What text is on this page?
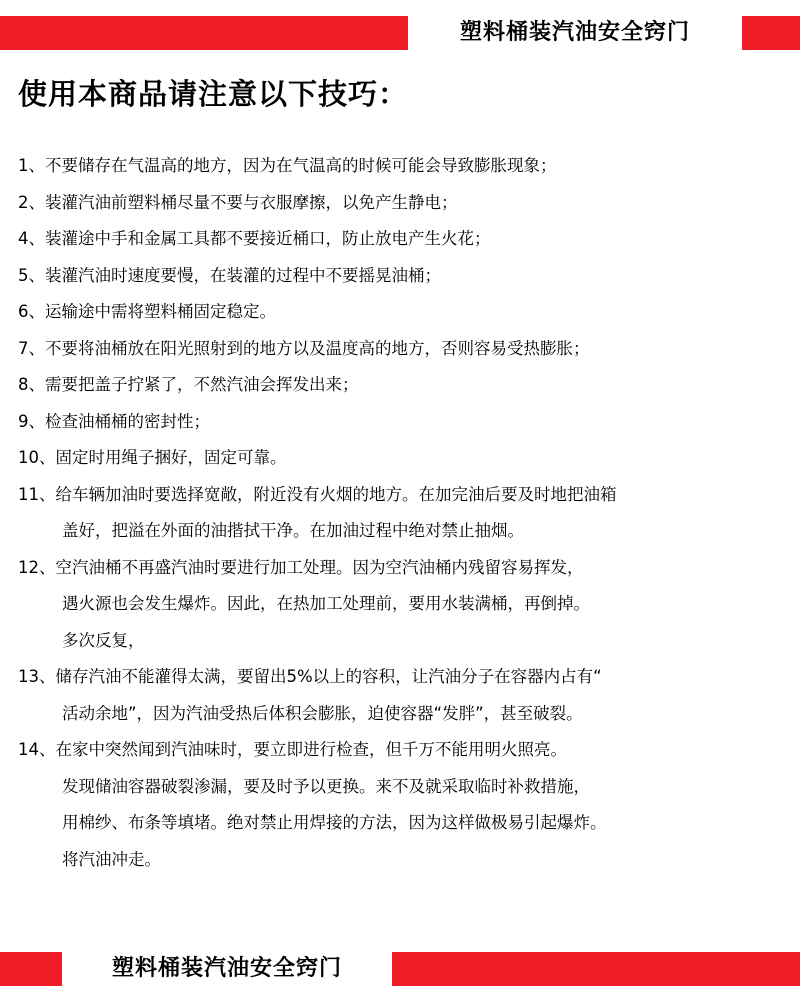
塑料桶装汽油安全窍门
使用本商品请注意以下技巧：
1、不要储存在气温高的地方，因为在气温高的时候可能会导致膨胀现象；
2、装灌汽油前塑料桶尽量不要与衣服摩擦，以免产生静电；
4、装灌途中手和金属工具都不要接近桶口，防止放电产生火花；
5、装灌汽油时速度要慢，在装灌的过程中不要摇晃油桶；
6、运输途中需将塑料桶固定稳定。
7、不要将油桶放在阳光照射到的地方以及温度高的地方，否则容易受热膨胀；
8、需要把盖子拧紧了，不然汽油会挥发出来；
9、检查油桶桶的密封性；
10、固定时用绳子捆好，固定可靠。
11、给车辆加油时要选择宽敞，附近没有火烟的地方。在加完油后要及时地把油箱
盖好，把溢在外面的油揩拭干净。在加油过程中绝对禁止抽烟。
12、空汽油桶不再盛汽油时要进行加工处理。因为空汽油桶内残留容易挥发，
遇火源也会发生爆炸。因此，在热加工处理前，要用水装满桶，再倒掉。
多次反复，
13、储存汽油不能灌得太满，要留出5%以上的容积，让汽油分子在容器内占有“
活动余地”，因为汽油受热后体积会膨胀，迫使容器“发胖”，甚至破裂。
14、在家中突然闻到汽油味时，要立即进行检查，但千万不能用明火照亮。
发现储油容器破裂渗漏，要及时予以更换。来不及就采取临时补救措施，
用棉纱、布条等填堵。绝对禁止用焊接的方法，因为这样做极易引起爆炸。
将汽油冲走。
塑料桶装汽油安全窍门
